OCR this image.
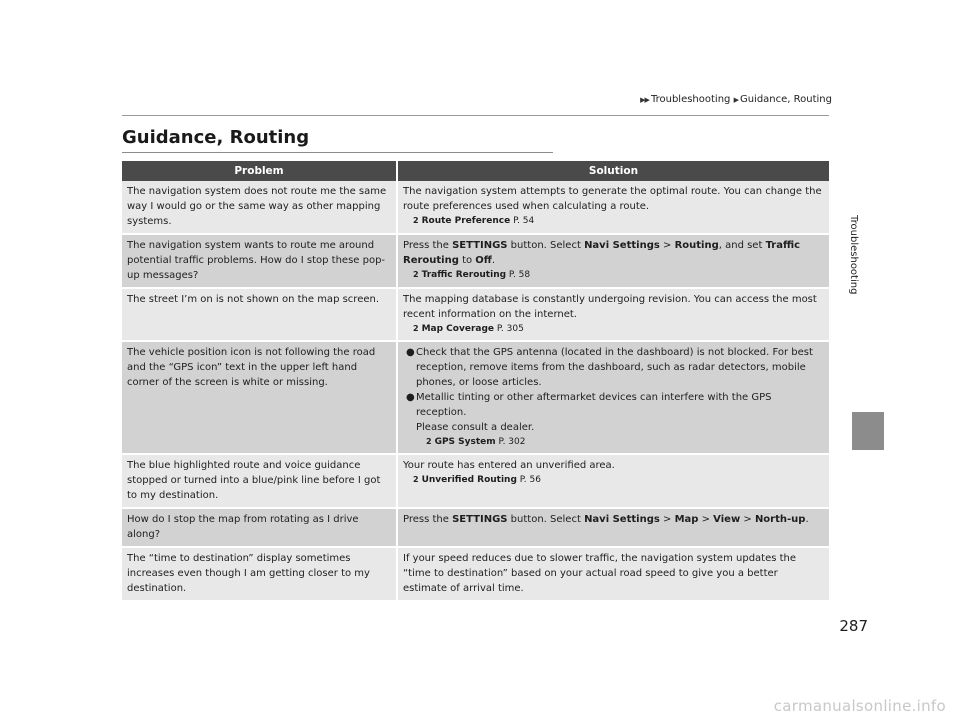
▶▶ Troubleshooting ▶ Guidance, Routing
Guidance, Routing
Troubleshooting
Problem	Solution
The navigation system does not route me the same way I would go or the same way as other mapping systems.	The navigation system attempts to generate the optimal route. You can change the route preferences used when calculating a route.
2 Route Preference P. 54

The navigation system wants to route me around potential traffic problems. How do I stop these pop-up messages?	Press the SETTINGS button. Select Navi Settings > Routing, and set Traffic Rerouting to Off.
2 Traffic Rerouting P. 58

The street I’m on is not shown on the map screen.	The mapping database is constantly undergoing revision. You can access the most recent information on the internet.
2 Map Coverage P. 305

The vehicle position icon is not following the road and the “GPS icon” text in the upper left hand corner of the screen is white or missing.	●Check that the GPS antenna (located in the dashboard) is not blocked. For best reception, remove items from the dashboard, such as radar detectors, mobile phones, or loose articles.
●Metallic tinting or other aftermarket devices can interfere with the GPS reception.
Please consult a dealer.
2 GPS System P. 302

The blue highlighted route and voice guidance stopped or turned into a blue/pink line before I got to my destination.	Your route has entered an unverified area.
2 Unverified Routing P. 56

How do I stop the map from rotating as I drive along?	Press the SETTINGS button. Select Navi Settings > Map > View > North-up.
The “time to destination” display sometimes increases even though I am getting closer to my destination.	If your speed reduces due to slower traffic, the navigation system updates the “time to destination” based on your actual road speed to give you a better estimate of arrival time.
287
carmanualsonline.info
